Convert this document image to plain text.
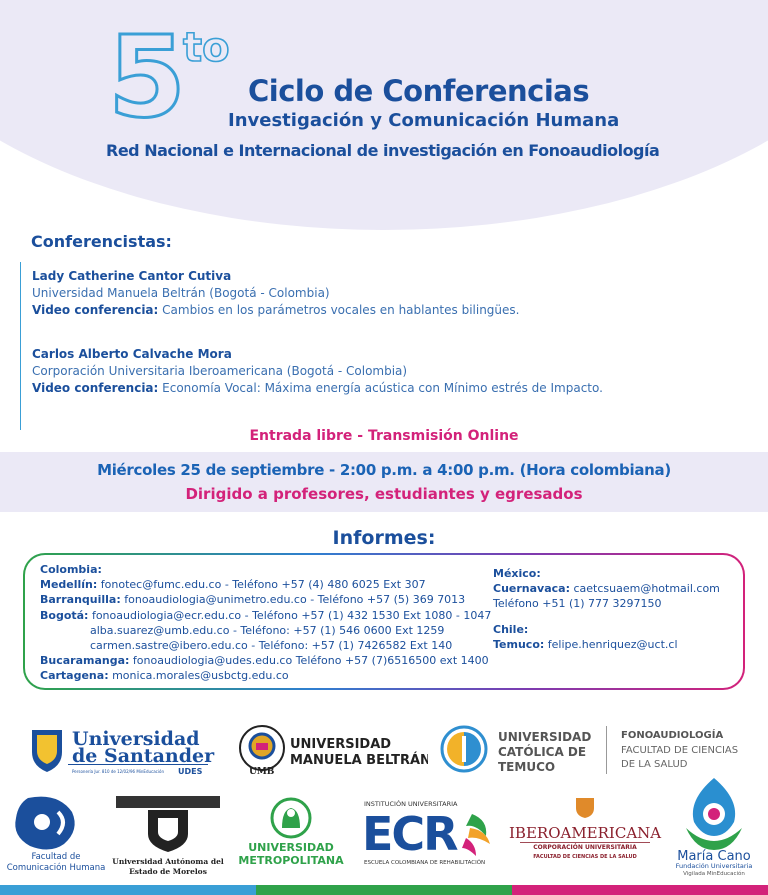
5 to
Ciclo de Conferencias
Investigación y Comunicación Humana
Red Nacional e Internacional de investigación en Fonoaudiología
Conferencistas:
Lady Catherine Cantor Cutiva
Universidad Manuela Beltrán (Bogotá - Colombia)
Video conferencia: Cambios en los parámetros vocales en hablantes bilingües.
Carlos Alberto Calvache Mora
Corporación Universitaria Iberoamericana (Bogotá - Colombia)
Video conferencia: Economía Vocal: Máxima energía acústica con Mínimo estrés de Impacto.
Entrada libre - Transmisión Online
Miércoles 25 de septiembre - 2:00 p.m. a 4:00 p.m. (Hora colombiana)
Dirigido a profesores, estudiantes y egresados
Informes:
Colombia:
Medellín: fonotec@fumc.edu.co - Teléfono +57 (4) 480 6025 Ext 307
Barranquilla: fonoaudiologia@unimetro.edu.co - Teléfono +57 (5) 369 7013
Bogotá: fonoaudiologia@ecr.edu.co - Teléfono +57 (1) 432 1530 Ext 1080 - 1047
alba.suarez@umb.edu.co - Teléfono: +57 (1) 546 0600 Ext 1259
carmen.sastre@ibero.edu.co - Teléfono: +57 (1) 7426582 Ext 140
Bucaramanga: fonoaudiologia@udes.edu.co Teléfono +57 (7)6516500 ext 1400
Cartagena: monica.morales@usbctg.edu.co
México:
Cuernavaca: caetcsuaem@hotmail.com
Teléfono +51 (1) 777 3297150
Chile:
Temuco: felipe.henriquez@uct.cl
Universidad
de Santander
UDES
Personería Jur. 810 de 12/02/96 MinEducación	UMB
UNIVERSIDAD
MANUELA BELTRÁN
UNIVERSIDAD
CATÓLICA DE
TEMUCO
FONOAUDIOLOGÍA
FACULTAD DE CIENCIAS
DE LA SALUD
Facultad de
Comunicación Humana
Universidad Autónoma del
Estado de Morelos
UNIVERSIDAD
METROPOLITANA
INSTITUCIÓN UNIVERSITARIA
ECR
ESCUELA COLOMBIANA DE REHABILITACIÓN
IBEROAMERICANA
CORPORACIÓN UNIVERSITARIA
FACULTAD DE CIENCIAS DE LA SALUD	María Cano
Fundación Universitaria
Vigilada MinEducación
